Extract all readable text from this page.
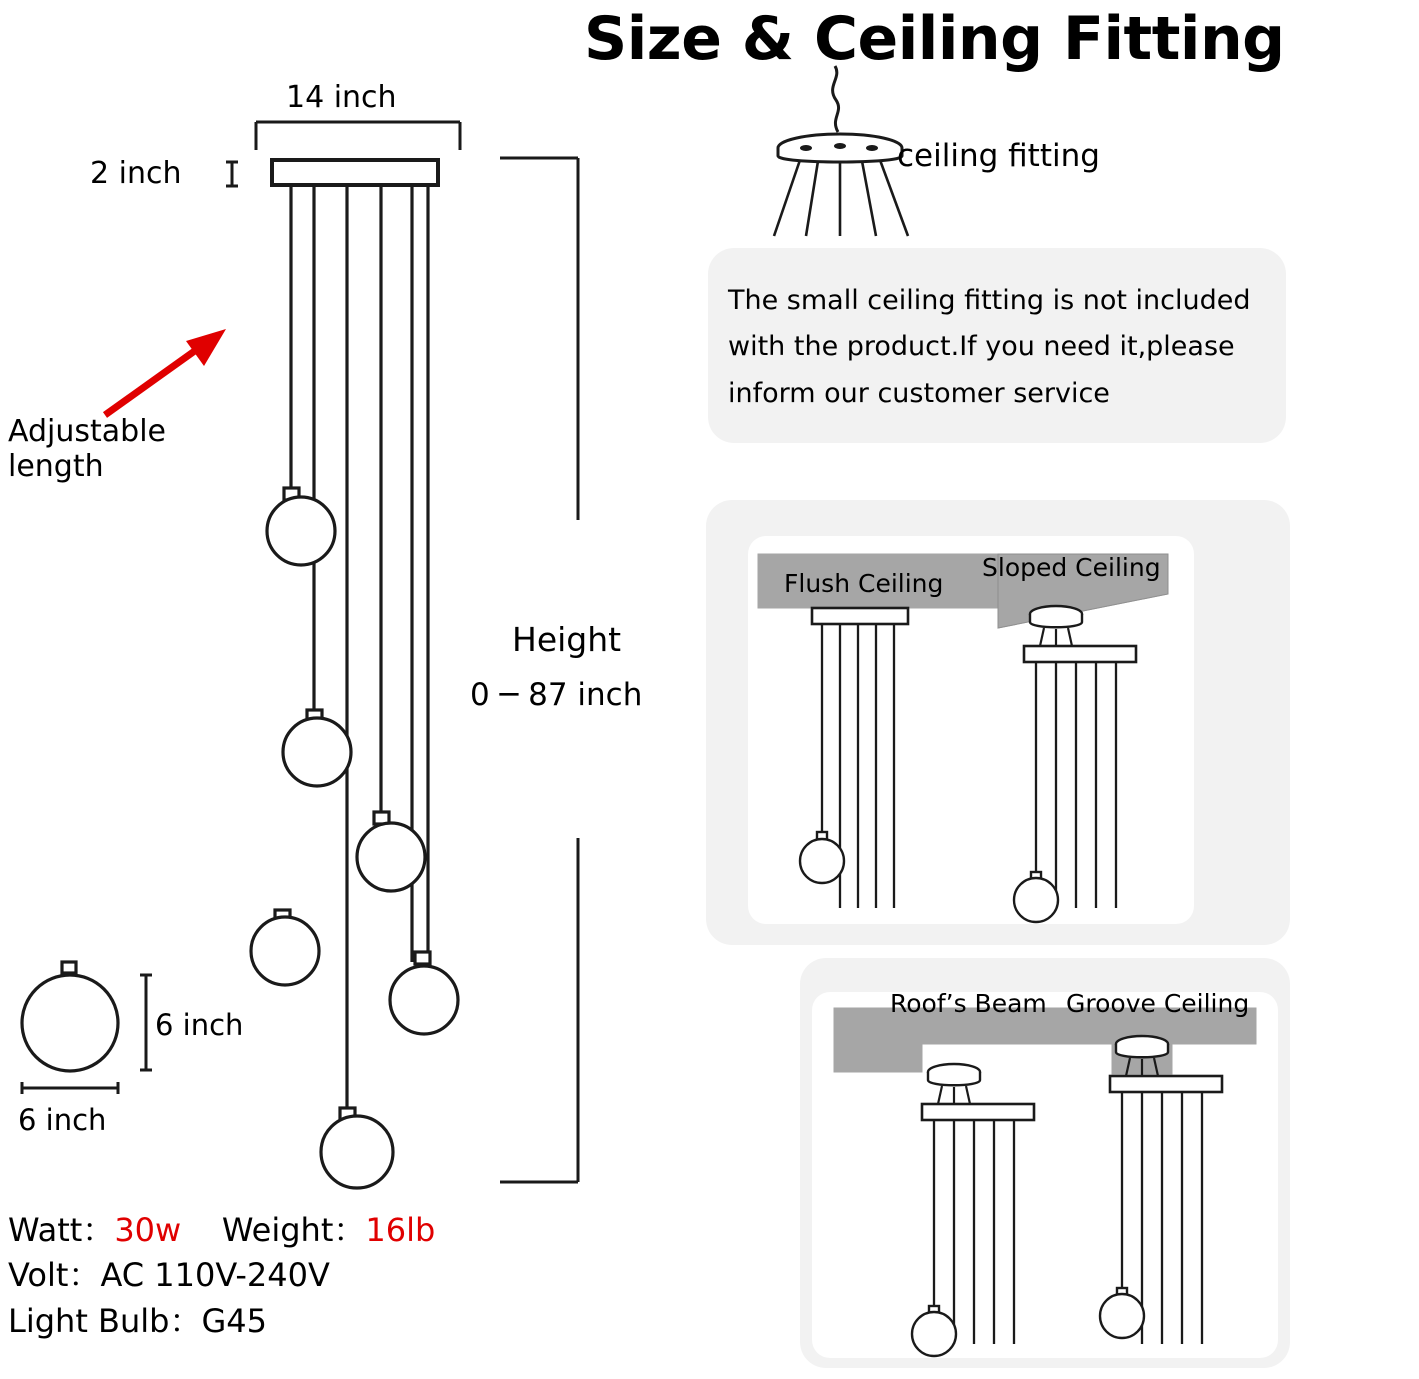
Size & Ceiling Fitting
14 inch
2 inch
Adjustable
length
Height
0 ─ 87 inch
6 inch
6 inch
Watt：30w Weight：16lb
Volt：AC 110V-240V
Light Bulb：G45
ceiling fitting
The small ceiling fitting is not included with the product.If you need it,please inform our customer service
Flush Ceiling
Sloped Ceiling
Roof’s Beam Groove Ceiling
